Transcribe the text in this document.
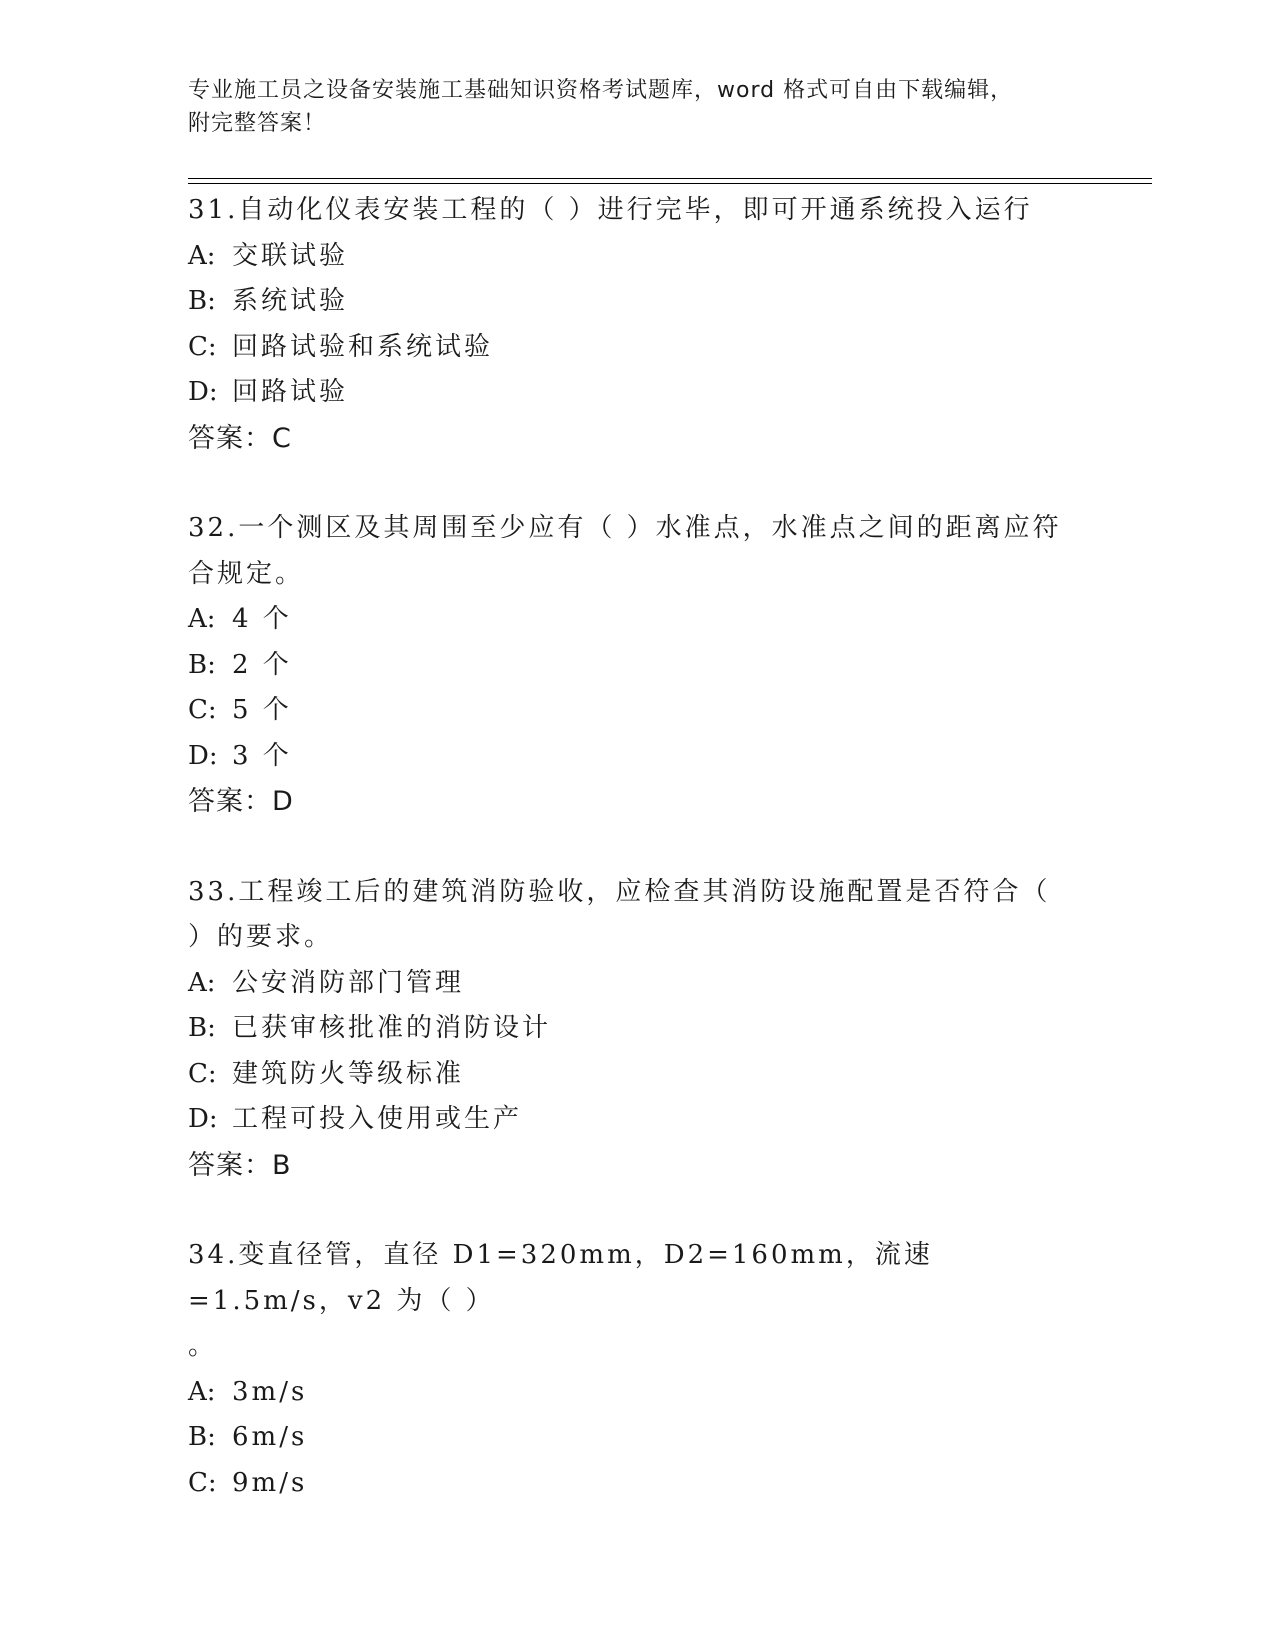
专业施工员之设备安装施工基础知识资格考试题库，word 格式可自由下载编辑，
附完整答案！
31.自动化仪表安装工程的（ ）进行完毕，即可开通系统投入运行
A: 交联试验
B: 系统试验
C: 回路试验和系统试验
D: 回路试验
答案：C
32.一个测区及其周围至少应有（ ）水准点，水准点之间的距离应符
合规定。
A: 4 个
B: 2 个
C: 5 个
D: 3 个
答案：D
33.工程竣工后的建筑消防验收，应检查其消防设施配置是否符合（
）的要求。
A: 公安消防部门管理
B: 已获审核批准的消防设计
C: 建筑防火等级标准
D: 工程可投入使用或生产
答案：B
34.变直径管，直径 D1=320mm，D2=160mm，流速=1.5m/s，v2 为（ ）
。
A: 3m/s
B: 6m/s
C: 9m/s
